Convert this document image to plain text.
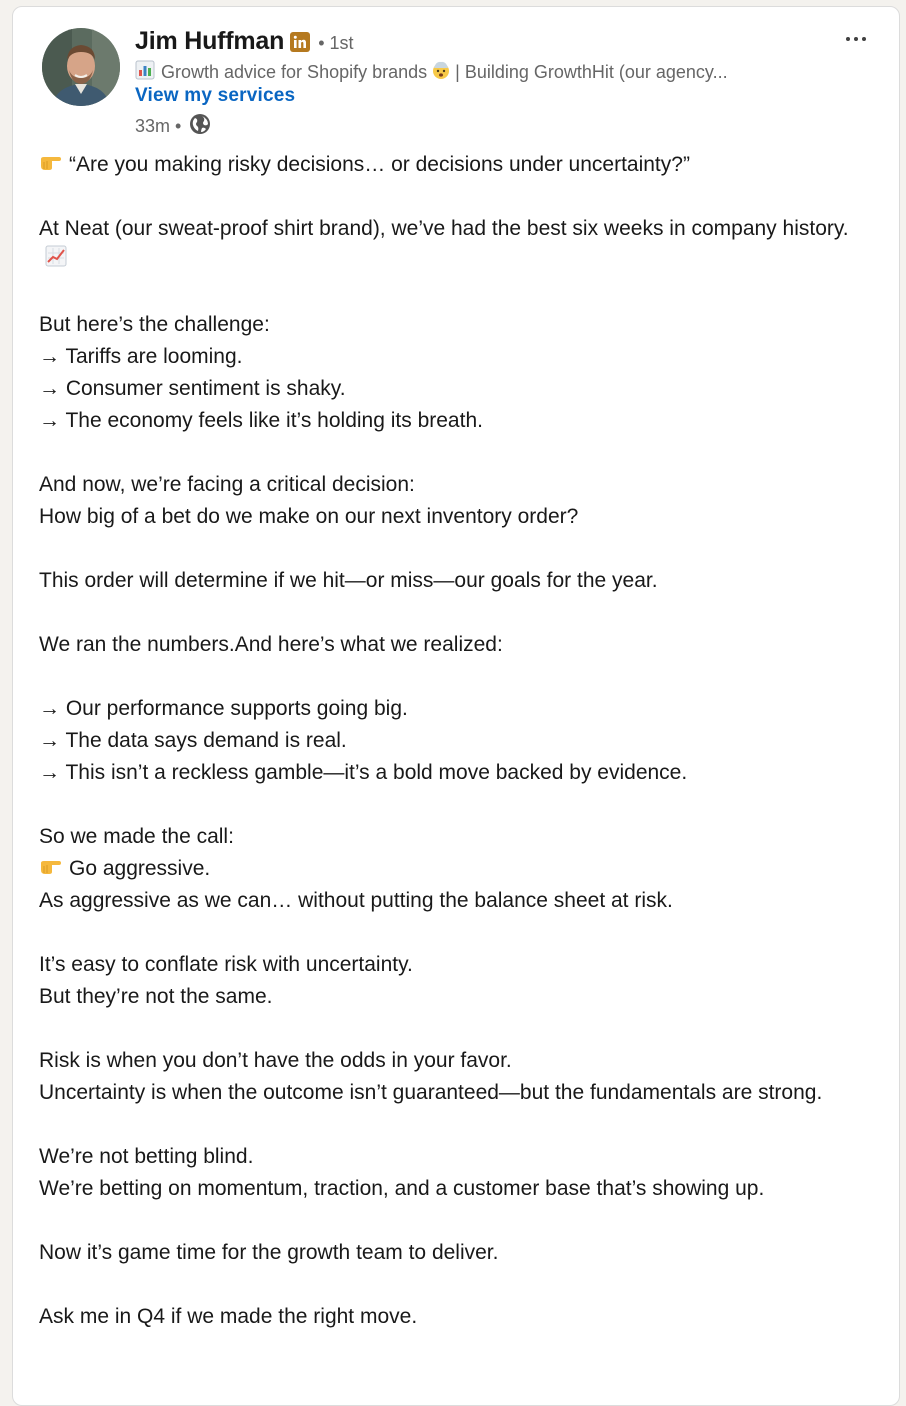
Jim Huffman • 1st
Growth advice for Shopify brands | Building GrowthHit (our agency...
View my services
33m •
“Are you making risky decisions… or decisions under uncertainty?”
At Neat (our sweat-proof shirt brand), we’ve had the best six weeks in company history.
But here’s the challenge:
→ Tariffs are looming.
→ Consumer sentiment is shaky.
→ The economy feels like it’s holding its breath.
And now, we’re facing a critical decision:
How big of a bet do we make on our next inventory order?
This order will determine if we hit—or miss—our goals for the year.
We ran the numbers.And here’s what we realized:
→ Our performance supports going big.
→ The data says demand is real.
→ This isn’t a reckless gamble—it’s a bold move backed by evidence.
So we made the call:
Go aggressive.
As aggressive as we can… without putting the balance sheet at risk.
It’s easy to conflate risk with uncertainty.
But they’re not the same.
Risk is when you don’t have the odds in your favor.
Uncertainty is when the outcome isn’t guaranteed—but the fundamentals are strong.
We’re not betting blind.
We’re betting on momentum, traction, and a customer base that’s showing up.
Now it’s game time for the growth team to deliver.
Ask me in Q4 if we made the right move.
